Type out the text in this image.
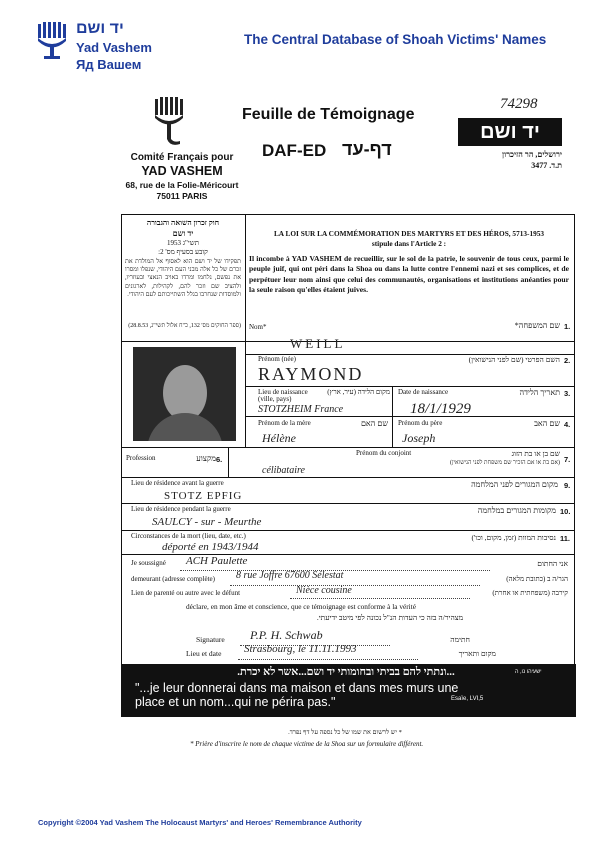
יד ושם
Yad Vashem
Яд Вашем
The Central Database of Shoah Victims' Names
Comité Français pour
YAD VASHEM
68, rue de la Folie-Méricourt
75011 PARIS
Feuille de Témoignage
DAF-ED דף-עד
74298
יד ושם
ירושלים, הר הזיכרון
ת.ד. 3477
חוק זכרון השואה והגבורה
יד ושם
תשי"ג 1953
קובע בסעיף מס' 2:
תפקידו של יד ושם הוא לאסוף אל המולדת את זכרם של כל אלה מבני העם היהודי, שנפלו ומסרו את נפשם, נלחמו ומרדו באויב הנאצי ובעוזריו, ולהציב שם וזכר להם, לקהילות, לארגונים ולמוסדות שנחרבו בגלל השתייכותם לעם היהודי.
(ספר החוקים מס' 132, כ"ח אלול תשי"ג, 28.8.53)
LA LOI SUR LA COMMÉMORATION DES MARTYRS ET DES HÉROS, 5713-1953
stipule dans l'Article 2 :
Il incombe à YAD VASHEM de recueillir, sur le sol de la patrie, le souvenir de tous ceux, parmi le peuple juif, qui ont péri dans la Shoa ou dans la lutte contre l'ennemi nazi et ses complices, et de perpétuer leur nom ainsi que celui des communautés, organisations et institutions anéanties pour la seule raison qu'elles étaient juives.
Nom*	שם המשפחה* 1.
WEILL
Prénom (née)	השם הפרטי (שם לפני הנישואין) 2.
RAYMOND
Lieu de naissance (ville, pays)
מקום הלידה (עיר, ארץ)
STOTZHEIM France
Date de naissance	תאריך הלידה 3.
18/1/1929
Prénom de la mère	שם האם
Hélène
Prénom du père	שם האב 4.
Joseph
Profession	מקצוע 6.
Prénom du conjoint	שם בן או בת הזוג
(אם בת או אם הזכיר שם משפחת לפני הנישואין) 7.
célibataire
Lieu de résidence avant la guerre	מקום המגורים לפני המלחמה 9.
STOTZ EPFIG
Lieu de résidence pendant la guerre	מקומות המגורים במלחמה 10.
SAULCY - sur - Meurthe
Circonstances de la mort (lieu, date, etc.)	נסיבות המוות (זמן, מקום, וכו') 11.
déporté en 1943/1944
Je soussigné	אני החתום
ACH Paulette
demeurant (adresse complète)	הגר/ה ב (כתובת מלאה)
8 rue Joffre 67600 Sélestat
Lien de parenté ou autre avec le défunt	קירבה (משפחתית או אחרת)
Nièce cousine
déclare, en mon âme et conscience, que ce témoignage est conforme à la vérité
מצהיר/ה בזה כי העדות הנ"ל נכונה לפי מיטב ידיעתי.
Signature	חתימה
P.P. H. Schwab
Lieu et date	מקום ותאריך
Strasbourg, le 11.11.1993
...ונתתי להם בביתי ובחומותי יד ושם...אשר לא יכרת.	ישעיהו נו, ה
"...je leur donnerai dans ma maison et dans mes murs une place et un nom...qui ne périra pas."	Esaïe, LVI,5
* יש לרשום את שמו של כל נספה על דף נפרד.
* Prière d'inscrire le nom de chaque victime de la Shoa sur un formulaire différent.
Copyright ©2004 Yad Vashem The Holocaust Martyrs' and Heroes' Remembrance Authority
